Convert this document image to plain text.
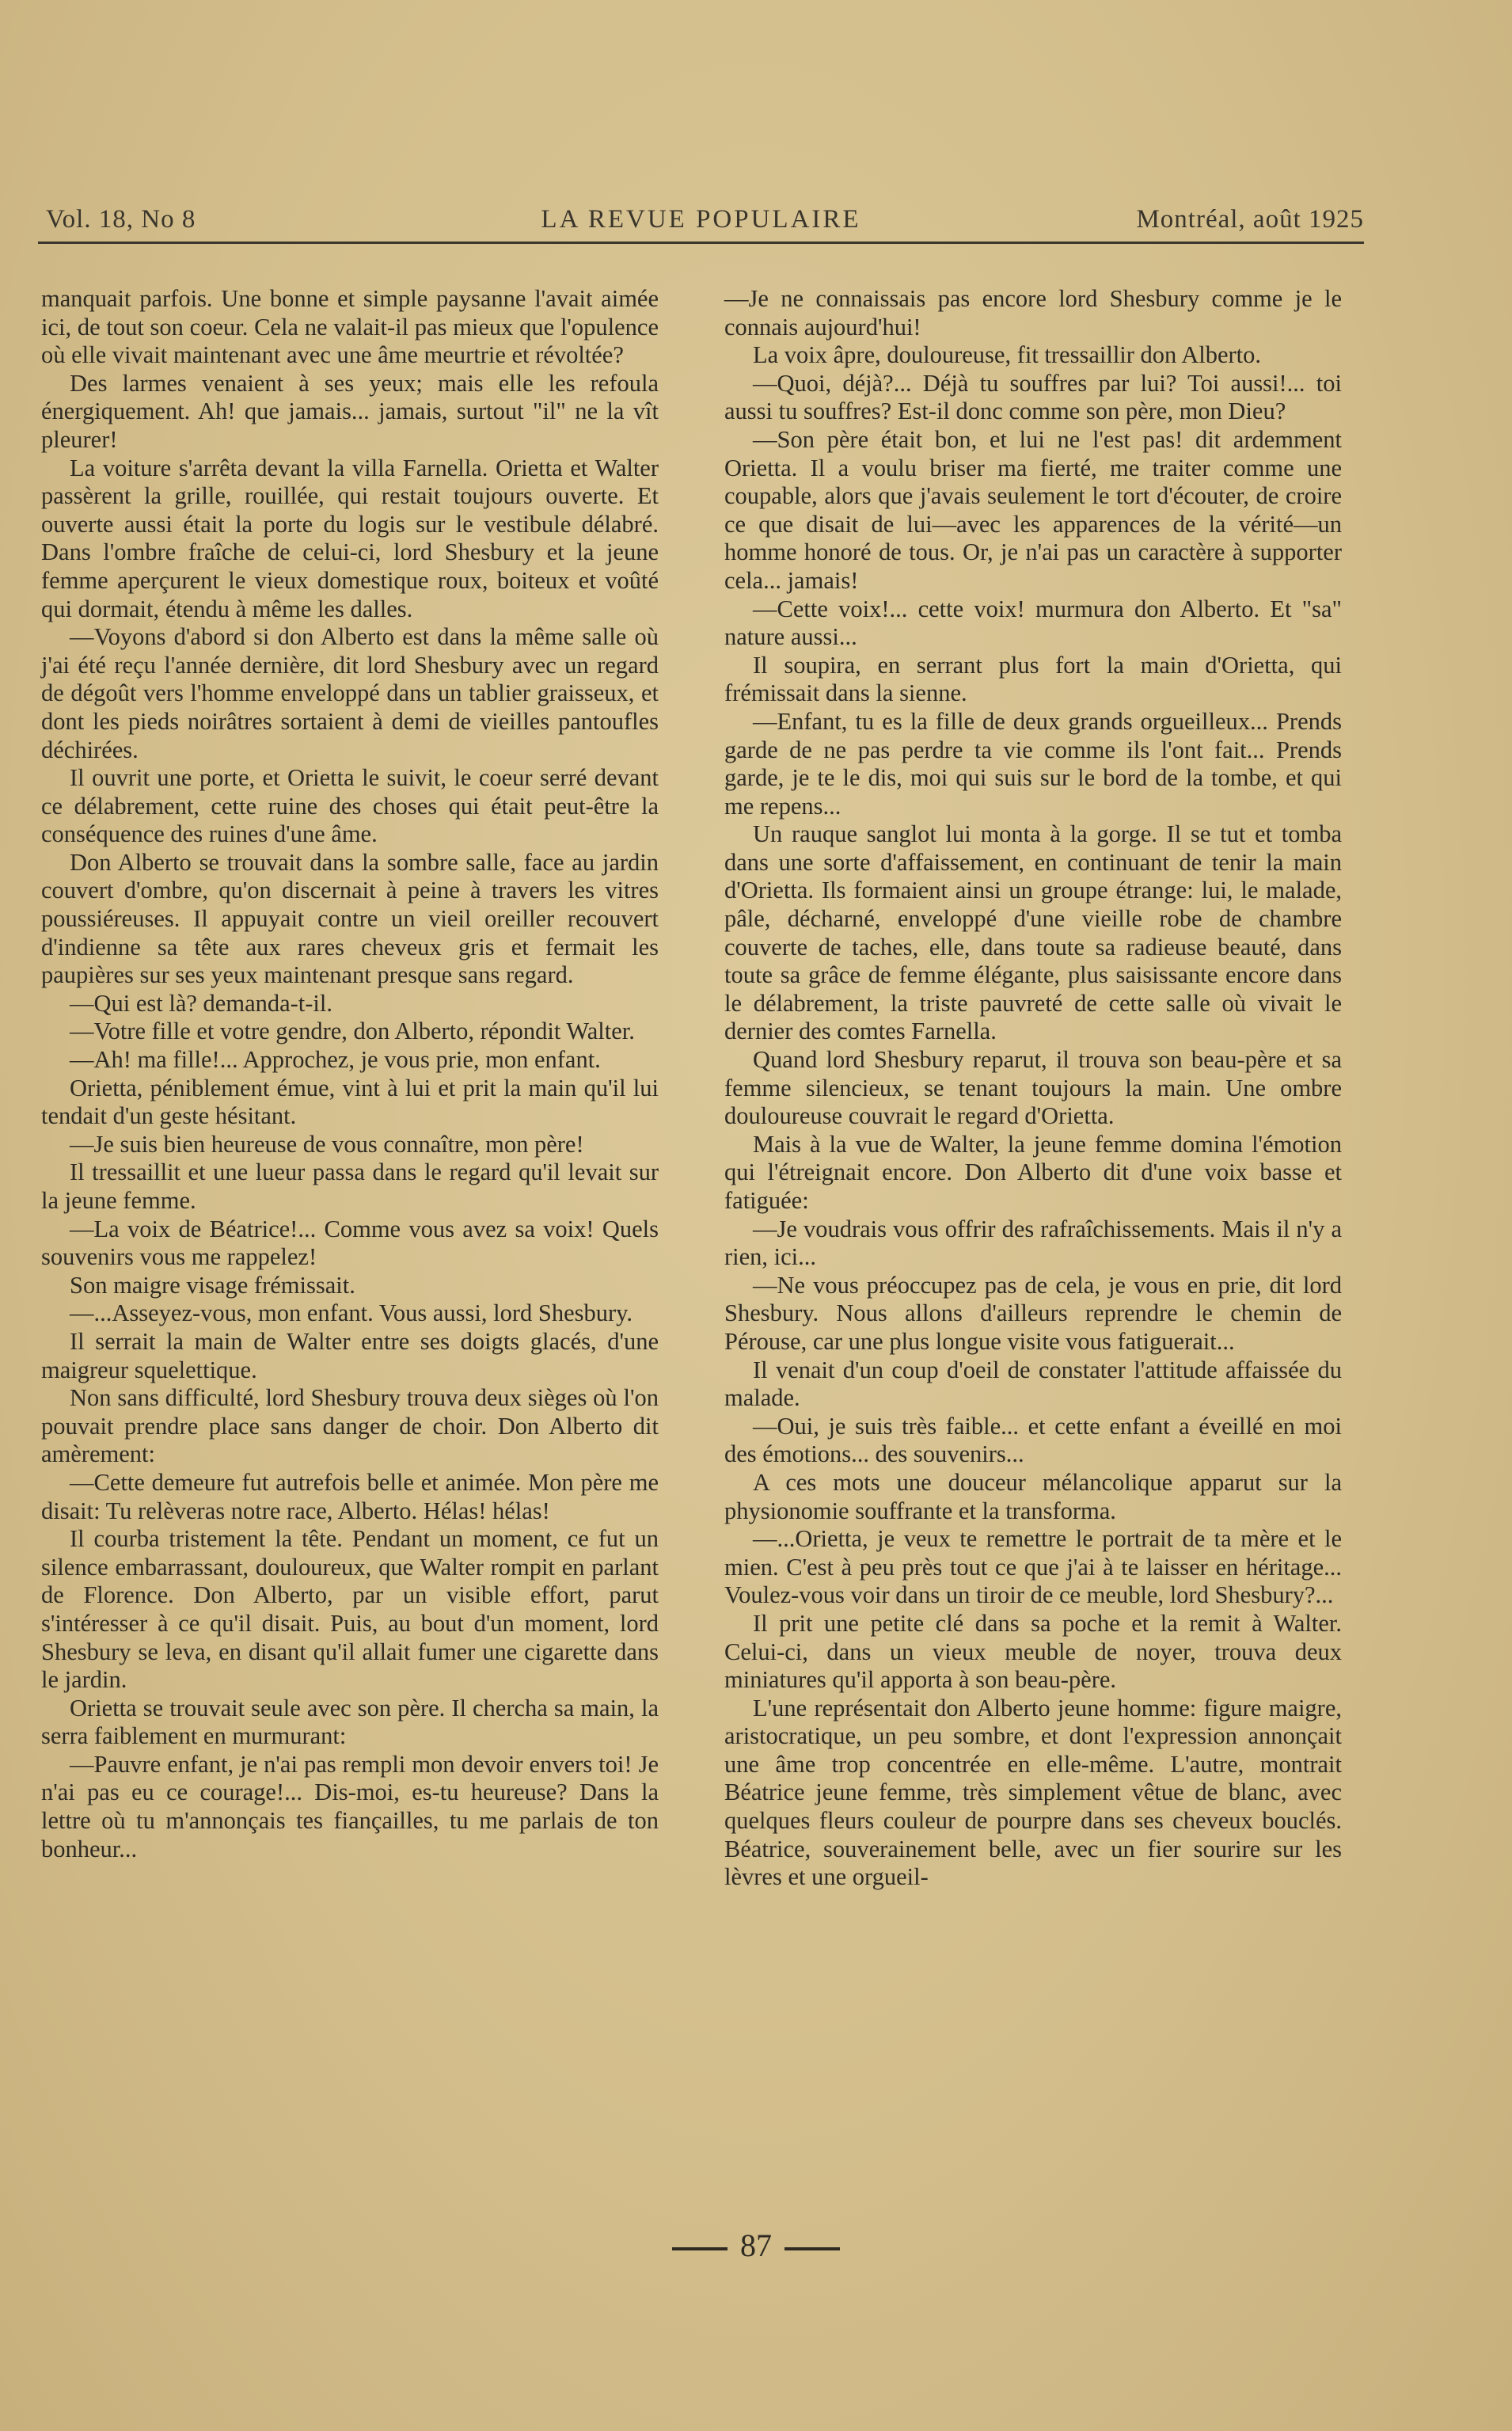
Vol. 18, No 8	LA REVUE POPULAIRE	Montréal, août 1925

manquait parfois. Une bonne et simple paysanne l'avait aimée ici, de tout son coeur. Cela ne valait-il pas mieux que l'opulence où elle vivait maintenant avec une âme meurtrie et révoltée?

Des larmes venaient à ses yeux; mais elle les refoula énergiquement. Ah! que jamais... jamais, surtout "il" ne la vît pleurer!

La voiture s'arrêta devant la villa Farnella. Orietta et Walter passèrent la grille, rouillée, qui restait toujours ouverte. Et ouverte aussi était la porte du logis sur le vestibule délabré. Dans l'ombre fraîche de celui-ci, lord Shesbury et la jeune femme aperçurent le vieux domestique roux, boiteux et voûté qui dormait, étendu à même les dalles.

—Voyons d'abord si don Alberto est dans la même salle où j'ai été reçu l'année dernière, dit lord Shesbury avec un regard de dégoût vers l'homme enveloppé dans un tablier graisseux, et dont les pieds noirâtres sortaient à demi de vieilles pantoufles déchirées.

Il ouvrit une porte, et Orietta le suivit, le coeur serré devant ce délabrement, cette ruine des choses qui était peut-être la conséquence des ruines d'une âme.

Don Alberto se trouvait dans la sombre salle, face au jardin couvert d'ombre, qu'on discernait à peine à travers les vitres poussiéreuses. Il appuyait contre un vieil oreiller recouvert d'indienne sa tête aux rares cheveux gris et fermait les paupières sur ses yeux maintenant presque sans regard.

—Qui est là? demanda-t-il.

—Votre fille et votre gendre, don Alberto, répondit Walter.

—Ah! ma fille!... Approchez, je vous prie, mon enfant.

Orietta, péniblement émue, vint à lui et prit la main qu'il lui tendait d'un geste hésitant.

—Je suis bien heureuse de vous connaître, mon père!

Il tressaillit et une lueur passa dans le regard qu'il levait sur la jeune femme.

—La voix de Béatrice!... Comme vous avez sa voix! Quels souvenirs vous me rappelez!

Son maigre visage frémissait.

—...Asseyez-vous, mon enfant. Vous aussi, lord Shesbury.

Il serrait la main de Walter entre ses doigts glacés, d'une maigreur squelettique.

Non sans difficulté, lord Shesbury trouva deux sièges où l'on pouvait prendre place sans danger de choir. Don Alberto dit amèrement:

—Cette demeure fut autrefois belle et animée. Mon père me disait: Tu relèveras notre race, Alberto. Hélas! hélas!

Il courba tristement la tête. Pendant un moment, ce fut un silence embarrassant, douloureux, que Walter rompit en parlant de Florence. Don Alberto, par un visible effort, parut s'intéresser à ce qu'il disait. Puis, au bout d'un moment, lord Shesbury se leva, en disant qu'il allait fumer une cigarette dans le jardin.

Orietta se trouvait seule avec son père. Il chercha sa main, la serra faiblement en murmurant:

—Pauvre enfant, je n'ai pas rempli mon devoir envers toi! Je n'ai pas eu ce courage!... Dis-moi, es-tu heureuse? Dans la lettre où tu m'annonçais tes fiançailles, tu me parlais de ton bonheur...

—Je ne connaissais pas encore lord Shesbury comme je le connais aujourd'hui!

La voix âpre, douloureuse, fit tressaillir don Alberto.

—Quoi, déjà?... Déjà tu souffres par lui? Toi aussi!... toi aussi tu souffres? Est-il donc comme son père, mon Dieu?

—Son père était bon, et lui ne l'est pas! dit ardemment Orietta. Il a voulu briser ma fierté, me traiter comme une coupable, alors que j'avais seulement le tort d'écouter, de croire ce que disait de lui—avec les apparences de la vérité—un homme honoré de tous. Or, je n'ai pas un caractère à supporter cela... jamais!

—Cette voix!... cette voix! murmura don Alberto. Et "sa" nature aussi...

Il soupira, en serrant plus fort la main d'Orietta, qui frémissait dans la sienne.

—Enfant, tu es la fille de deux grands orgueilleux... Prends garde de ne pas perdre ta vie comme ils l'ont fait... Prends garde, je te le dis, moi qui suis sur le bord de la tombe, et qui me repens...

Un rauque sanglot lui monta à la gorge. Il se tut et tomba dans une sorte d'affaissement, en continuant de tenir la main d'Orietta. Ils formaient ainsi un groupe étrange: lui, le malade, pâle, décharné, enveloppé d'une vieille robe de chambre couverte de taches, elle, dans toute sa radieuse beauté, dans toute sa grâce de femme élégante, plus saisissante encore dans le délabrement, la triste pauvreté de cette salle où vivait le dernier des comtes Farnella.

Quand lord Shesbury reparut, il trouva son beau-père et sa femme silencieux, se tenant toujours la main. Une ombre douloureuse couvrait le regard d'Orietta.

Mais à la vue de Walter, la jeune femme domina l'émotion qui l'étreignait encore. Don Alberto dit d'une voix basse et fatiguée:

—Je voudrais vous offrir des rafraîchissements. Mais il n'y a rien, ici...

—Ne vous préoccupez pas de cela, je vous en prie, dit lord Shesbury. Nous allons d'ailleurs reprendre le chemin de Pérouse, car une plus longue visite vous fatiguerait...

Il venait d'un coup d'oeil de constater l'attitude affaissée du malade.

—Oui, je suis très faible... et cette enfant a éveillé en moi des émotions... des souvenirs...

A ces mots une douceur mélancolique apparut sur la physionomie souffrante et la transforma.

—...Orietta, je veux te remettre le portrait de ta mère et le mien. C'est à peu près tout ce que j'ai à te laisser en héritage... Voulez-vous voir dans un tiroir de ce meuble, lord Shesbury?...

Il prit une petite clé dans sa poche et la remit à Walter. Celui-ci, dans un vieux meuble de noyer, trouva deux miniatures qu'il apporta à son beau-père.

L'une représentait don Alberto jeune homme: figure maigre, aristocratique, un peu sombre, et dont l'expression annonçait une âme trop concentrée en elle-même. L'autre, montrait Béatrice jeune femme, très simplement vêtue de blanc, avec quelques fleurs couleur de pourpre dans ses cheveux bouclés. Béatrice, souverainement belle, avec un fier sourire sur les lèvres et une orgueil-

87
